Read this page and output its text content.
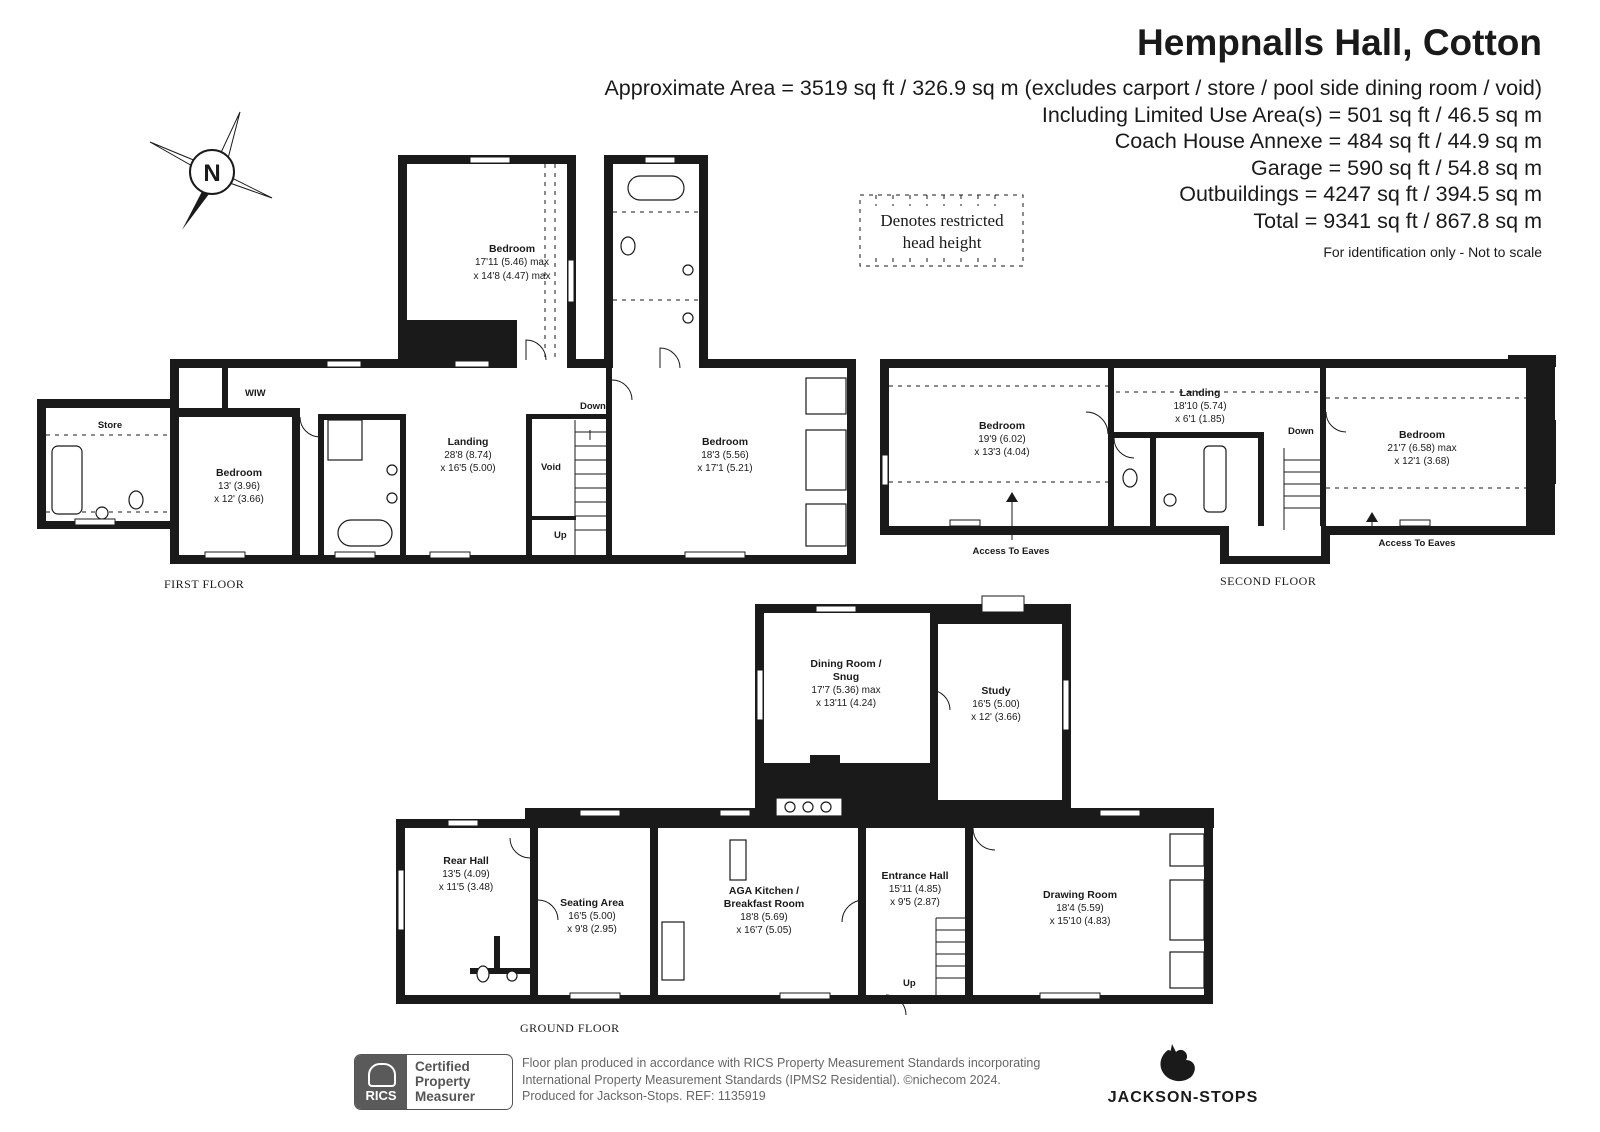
Hempnalls Hall, Cotton
Approximate Area = 3519 sq ft / 326.9 sq m (excludes carport / store / pool side dining room / void)
Including Limited Use Area(s) = 501 sq ft / 46.5 sq m
Coach House Annexe = 484 sq ft / 44.9 sq m
Garage = 590 sq ft / 54.8 sq m
Outbuildings = 4247 sq ft / 394.5 sq m
Total = 9341 sq ft / 867.8 sq m
For identification only - Not to scale
N
Denotes restricted
head height
Store
WIW
Bedroom
13' (3.96)
x 12' (3.66)
Landing
28'8 (8.74)
x 16'5 (5.00)	Void
Bedroom
17'11 (5.46) max
x 14'8 (4.47) max
Bedroom
18'3 (5.56)
x 17'1 (5.21)
Down
Up
FIRST FLOOR
Bedroom
19'9 (6.02)
x 13'3 (4.04)
Landing
18'10 (5.74)
x 6'1 (1.85)
Bedroom
21'7 (6.58) max
x 12'1 (3.68)
Down
Access To Eaves
Access To Eaves
SECOND FLOOR
Dining Room /
Snug
17'7 (5.36) max
x 13'11 (4.24)
Study
16'5 (5.00)
x 12' (3.66)
Rear Hall
13'5 (4.09)
x 11'5 (3.48)
Seating Area
16'5 (5.00)
x 9'8 (2.95)
AGA Kitchen /
Breakfast Room
18'8 (5.69)
x 16'7 (5.05)
Entrance Hall
15'11 (4.85)
x 9'5 (2.87)
Drawing Room
18'4 (5.59)
x 15'10 (4.83)
Up
GROUND FLOOR
RICS
Certified
Property
Measurer
Floor plan produced in accordance with RICS Property Measurement Standards incorporating
International Property Measurement Standards (IPMS2 Residential). ©nichecom 2024.
Produced for Jackson-Stops. REF: 1135919	JACKSON-STOPS
